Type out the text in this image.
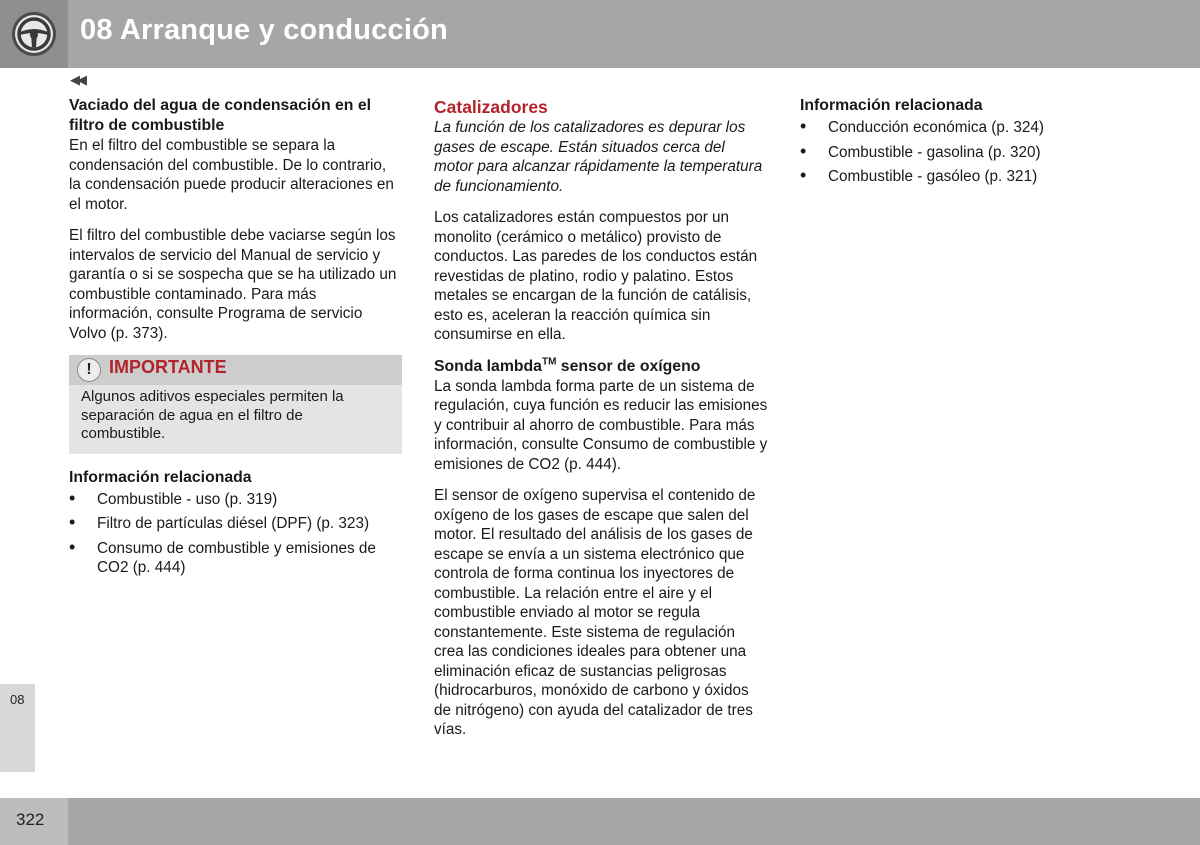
08 Arranque y conducción
◀◀
Vaciado del agua de condensación en el filtro de combustible

En el filtro del combustible se separa la condensación del combustible. De lo contrario, la condensación puede producir alteraciones en el motor.

El filtro del combustible debe vaciarse según los intervalos de servicio del Manual de servicio y garantía o si se sospecha que se ha utilizado un combustible contaminado. Para más información, consulte Programa de servicio Volvo (p. 373).

! IMPORTANTE
Algunos aditivos especiales permiten la separación de agua en el filtro de combustible.
Información relacionada
• Combustible - uso (p. 319)
• Filtro de partículas diésel (DPF) (p. 323)
• Consumo de combustible y emisiones de CO2 (p. 444)
Catalizadores

La función de los catalizadores es depurar los gases de escape. Están situados cerca del motor para alcanzar rápidamente la temperatura de funcionamiento.

Los catalizadores están compuestos por un monolito (cerámico o metálico) provisto de conductos. Las paredes de los conductos están revestidas de platino, rodio y palatino. Estos metales se encargan de la función de catálisis, esto es, aceleran la reacción química sin consumirse en ella.

Sonda lambda™ sensor de oxígeno

La sonda lambda forma parte de un sistema de regulación, cuya función es reducir las emisiones y contribuir al ahorro de combustible. Para más información, consulte Consumo de combustible y emisiones de CO2 (p. 444).

El sensor de oxígeno supervisa el contenido de oxígeno de los gases de escape que salen del motor. El resultado del análisis de los gases de escape se envía a un sistema electrónico que controla de forma continua los inyectores de combustible. La relación entre el aire y el combustible enviado al motor se regula constantemente. Este sistema de regulación crea las condiciones ideales para obtener una eliminación eficaz de sustancias peligrosas (hidrocarburos, monóxido de carbono y óxidos de nitrógeno) con ayuda del catalizador de tres vías.

Información relacionada
• Conducción económica (p. 324)
• Combustible - gasolina (p. 320)
• Combustible - gasóleo (p. 321)
08
322
